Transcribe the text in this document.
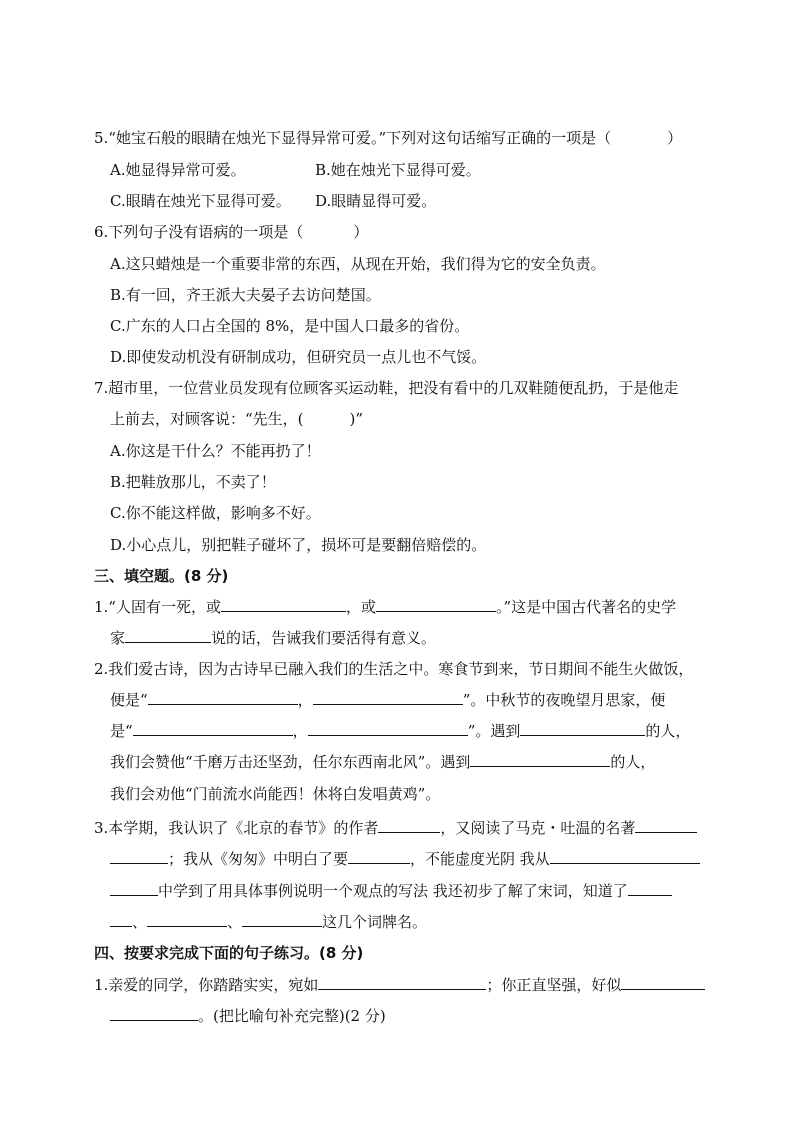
5.“她宝石般的眼睛在烛光下显得异常可爱。”下列对这句话缩写正确的一项是（	）
A.她显得异常可爱。	B.她在烛光下显得可爱。
C.眼睛在烛光下显得可爱。 D.眼睛显得可爱。
6.下列句子没有语病的一项是（	）
A.这只蜡烛是一个重要非常的东西，从现在开始，我们得为它的安全负责。
B.有一回，齐王派大夫晏子去访问楚国。
C.广东的人口占全国的 8%，是中国人口最多的省份。
D.即使发动机没有研制成功，但研究员一点儿也不气馁。
7.超市里，一位营业员发现有位顾客买运动鞋，把没有看中的几双鞋随便乱扔，于是他走
上前去，对顾客说：“先生，(	)”
A.你这是干什么？不能再扔了！
B.把鞋放那儿，不卖了！
C.你不能这样做，影响多不好。
D.小心点儿，别把鞋子碰坏了，损坏可是要翻倍赔偿的。
三、填空题。(8 分)
1.“人固有一死，或	，或	。”这是中国古代著名的史学
家	说的话，告诫我们要活得有意义。
2.我们爱古诗，因为古诗早已融入我们的生活之中。寒食节到来，节日期间不能生火做饭，
便是“	，	”。中秋节的夜晚望月思家，便
是“	，	”。遇到	的人，
我们会赞他“千磨万击还坚劲，任尔东西南北风”。遇到	的人，
我们会劝他“门前流水尚能西！休将白发唱黄鸡”。
3.本学期，我认识了《北京的春节》的作者	，又阅读了马克・吐温的名著
；我从《匆匆》中明白了要	，不能虚度光阴 我从
中学到了用具体事例说明一个观点的写法 我还初步了解了宋词，知道了
、	、	这几个词牌名。
四、按要求完成下面的句子练习。(8 分)
1.亲爱的同学，你踏踏实实，宛如	；你正直坚强，好似
。(把比喻句补充完整)(2 分)
